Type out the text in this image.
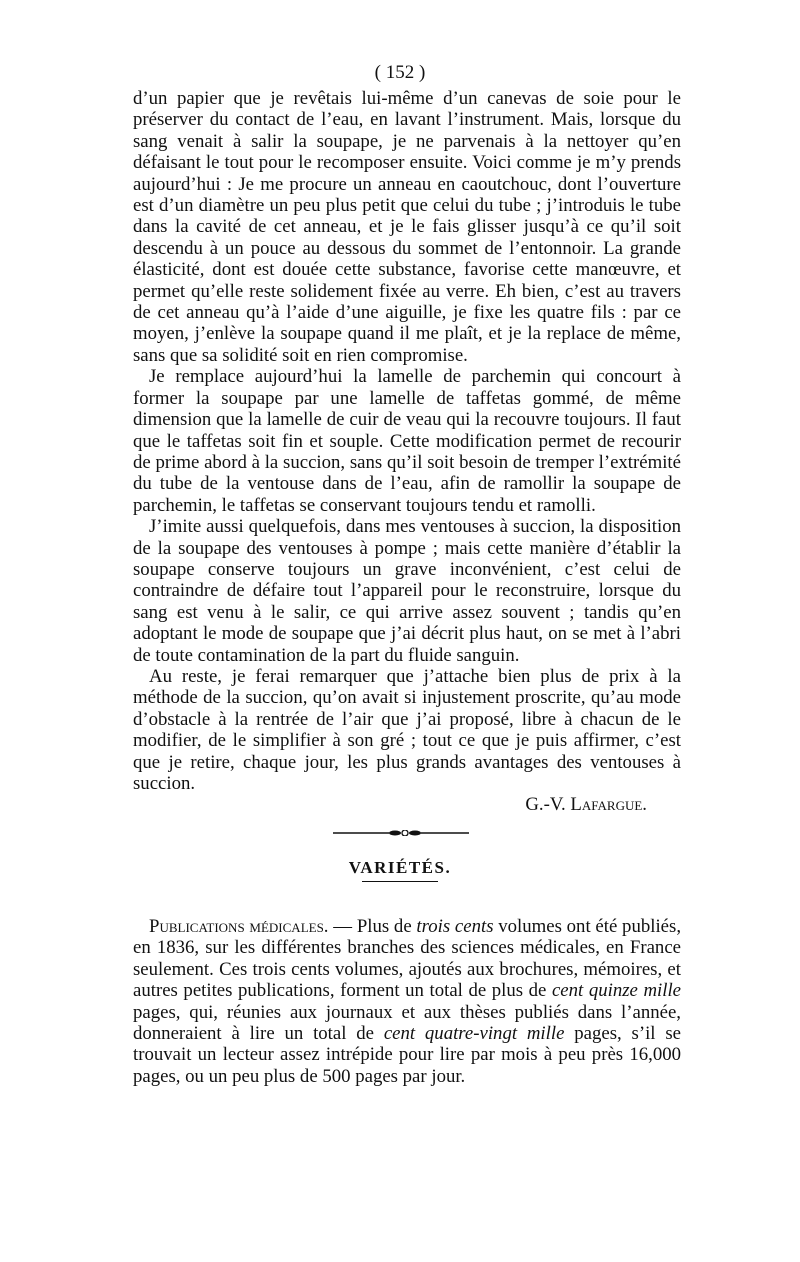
( 152 )

d’un papier que je revêtais lui-même d’un canevas de soie pour le préserver du contact de l’eau, en lavant l’instrument. Mais, lorsque du sang venait à salir la soupape, je ne parvenais à la nettoyer qu’en défaisant le tout pour le recomposer ensuite. Voici comme je m’y prends aujourd’hui : Je me procure un anneau en caoutchouc, dont l’ouverture est d’un diamètre un peu plus petit que celui du tube ; j’introduis le tube dans la cavité de cet anneau, et je le fais glisser jusqu’à ce qu’il soit descendu à un pouce au dessous du sommet de l’entonnoir. La grande élasticité, dont est douée cette substance, favorise cette manœuvre, et permet qu’elle reste solidement fixée au verre. Eh bien, c’est au travers de cet anneau qu’à l’aide d’une aiguille, je fixe les quatre fils : par ce moyen, j’enlève la soupape quand il me plaît, et je la replace de même, sans que sa solidité soit en rien compromise.

Je remplace aujourd’hui la lamelle de parchemin qui concourt à former la soupape par une lamelle de taffetas gommé, de même dimension que la lamelle de cuir de veau qui la recouvre toujours. Il faut que le taffetas soit fin et souple. Cette modification permet de recourir de prime abord à la succion, sans qu’il soit besoin de tremper l’extrémité du tube de la ventouse dans de l’eau, afin de ramollir la soupape de parchemin, le taffetas se conservant toujours tendu et ramolli.

J’imite aussi quelquefois, dans mes ventouses à succion, la disposition de la soupape des ventouses à pompe ; mais cette manière d’établir la soupape conserve toujours un grave inconvénient, c’est celui de contraindre de défaire tout l’appareil pour le reconstruire, lorsque du sang est venu à le salir, ce qui arrive assez souvent ; tandis qu’en adoptant le mode de soupape que j’ai décrit plus haut, on se met à l’abri de toute contamination de la part du fluide sanguin.

Au reste, je ferai remarquer que j’attache bien plus de prix à la méthode de la succion, qu’on avait si injustement proscrite, qu’au mode d’obstacle à la rentrée de l’air que j’ai proposé, libre à chacun de le modifier, de le simplifier à son gré ; tout ce que je puis affirmer, c’est que je retire, chaque jour, les plus grands avantages des ventouses à succion.

G.-V. Lafargue.
VARIÉTÉS.

Publications médicales. — Plus de trois cents volumes ont été publiés, en 1836, sur les différentes branches des sciences médicales, en France seulement. Ces trois cents volumes, ajoutés aux brochures, mémoires, et autres petites publications, forment un total de plus de cent quinze mille pages, qui, réunies aux journaux et aux thèses publiés dans l’année, donneraient à lire un total de cent quatre-vingt mille pages, s’il se trouvait un lecteur assez intrépide pour lire par mois à peu près 16,000 pages, ou un peu plus de 500 pages par jour.
